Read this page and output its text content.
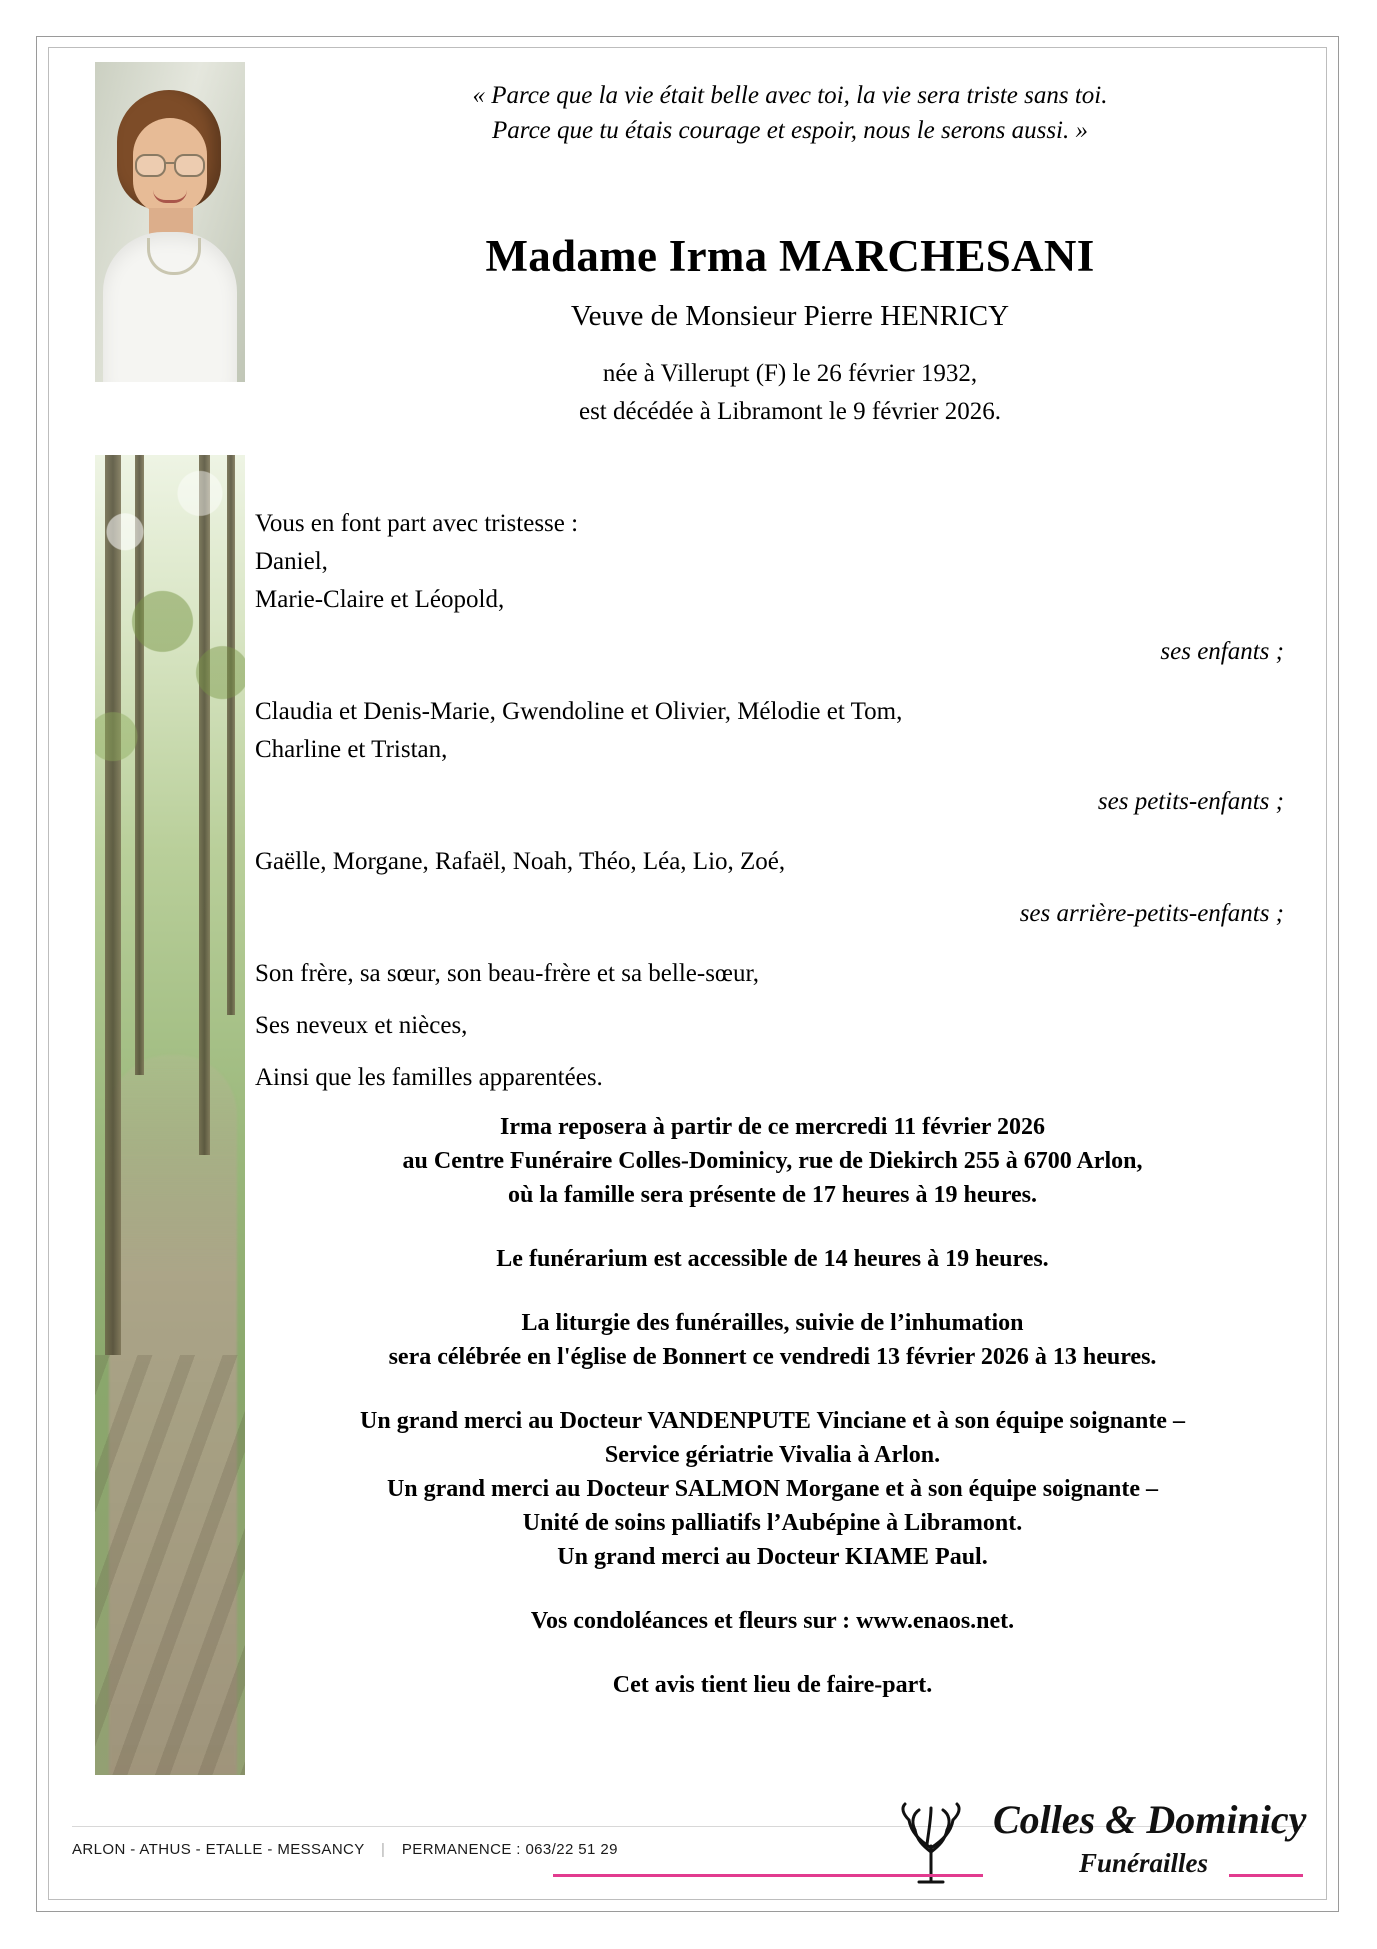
« Parce que la vie était belle avec toi, la vie sera triste sans toi.
Parce que tu étais courage et espoir, nous le serons aussi. »
Madame Irma MARCHESANI
Veuve de Monsieur Pierre HENRICY
née à Villerupt (F) le 26 février 1932,
est décédée à Libramont le 9 février 2026.
Vous en font part avec tristesse :
Daniel,
Marie-Claire et Léopold,
ses enfants ;
Claudia et Denis-Marie, Gwendoline et Olivier, Mélodie et Tom,
Charline et Tristan,
ses petits-enfants ;
Gaëlle, Morgane, Rafaël, Noah, Théo, Léa, Lio, Zoé,
ses arrière-petits-enfants ;
Son frère, sa sœur, son beau-frère et sa belle-sœur,
Ses neveux et nièces,
Ainsi que les familles apparentées.

Irma reposera à partir de ce mercredi 11 février 2026
au Centre Funéraire Colles-Dominicy, rue de Diekirch 255 à 6700 Arlon,
où la famille sera présente de 17 heures à 19 heures.

Le funérarium est accessible de 14 heures à 19 heures.

La liturgie des funérailles, suivie de l’inhumation
sera célébrée en l'église de Bonnert ce vendredi 13 février 2026 à 13 heures.

Un grand merci au Docteur VANDENPUTE Vinciane et à son équipe soignante –
Service gériatrie Vivalia à Arlon.
Un grand merci au Docteur SALMON Morgane et à son équipe soignante –
Unité de soins palliatifs l’Aubépine à Libramont.
Un grand merci au Docteur KIAME Paul.

Vos condoléances et fleurs sur : www.enaos.net.

Cet avis tient lieu de faire-part.

ARLON - ATHUS - ETALLE - MESSANCY | PERMANENCE : 063/22 51 29
Colles & Dominicy
Funérailles
